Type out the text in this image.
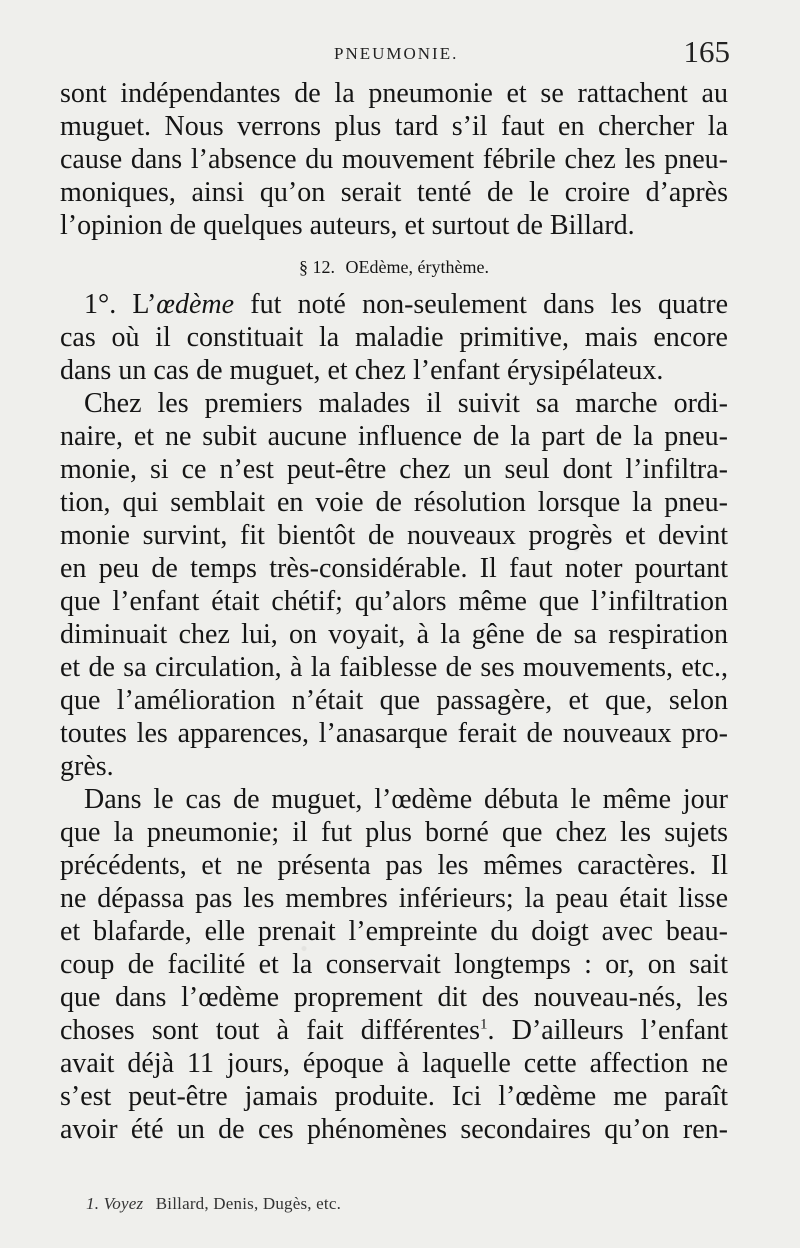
PNEUMONIE.	165
sont indépendantes de la pneumonie et se rattachent au
muguet. Nous verrons plus tard s’il faut en chercher la
cause dans l’absence du mouvement fébrile chez les pneu-
moniques, ainsi qu’on serait tenté de le croire d’après
l’opinion de quelques auteurs, et surtout de Billard.
§ 12. OEdème, érythème.
1°. L’œdème fut noté non-seulement dans les quatre
cas où il constituait la maladie primitive, mais encore
dans un cas de muguet, et chez l’enfant érysipélateux.
Chez les premiers malades il suivit sa marche ordi-
naire, et ne subit aucune influence de la part de la pneu-
monie, si ce n’est peut-être chez un seul dont l’infiltra-
tion, qui semblait en voie de résolution lorsque la pneu-
monie survint, fit bientôt de nouveaux progrès et devint
en peu de temps très-considérable. Il faut noter pourtant
que l’enfant était chétif; qu’alors même que l’infiltration
diminuait chez lui, on voyait, à la gêne de sa respiration
et de sa circulation, à la faiblesse de ses mouvements, etc.,
que l’amélioration n’était que passagère, et que, selon
toutes les apparences, l’anasarque ferait de nouveaux pro-
grès.
Dans le cas de muguet, l’œdème débuta le même jour
que la pneumonie; il fut plus borné que chez les sujets
précédents, et ne présenta pas les mêmes caractères. Il
ne dépassa pas les membres inférieurs; la peau était lisse
et blafarde, elle prenait l’empreinte du doigt avec beau-
coup de facilité et la conservait longtemps : or, on sait
que dans l’œdème proprement dit des nouveau-nés, les
choses sont tout à fait différentes$^1$. D’ailleurs l’enfant
avait déjà 11 jours, époque à laquelle cette affection ne
s’est peut-être jamais produite. Ici l’œdème me paraît
avoir été un de ces phénomènes secondaires qu’on ren-
1. Voyez Billard, Denis, Dugès, etc.
